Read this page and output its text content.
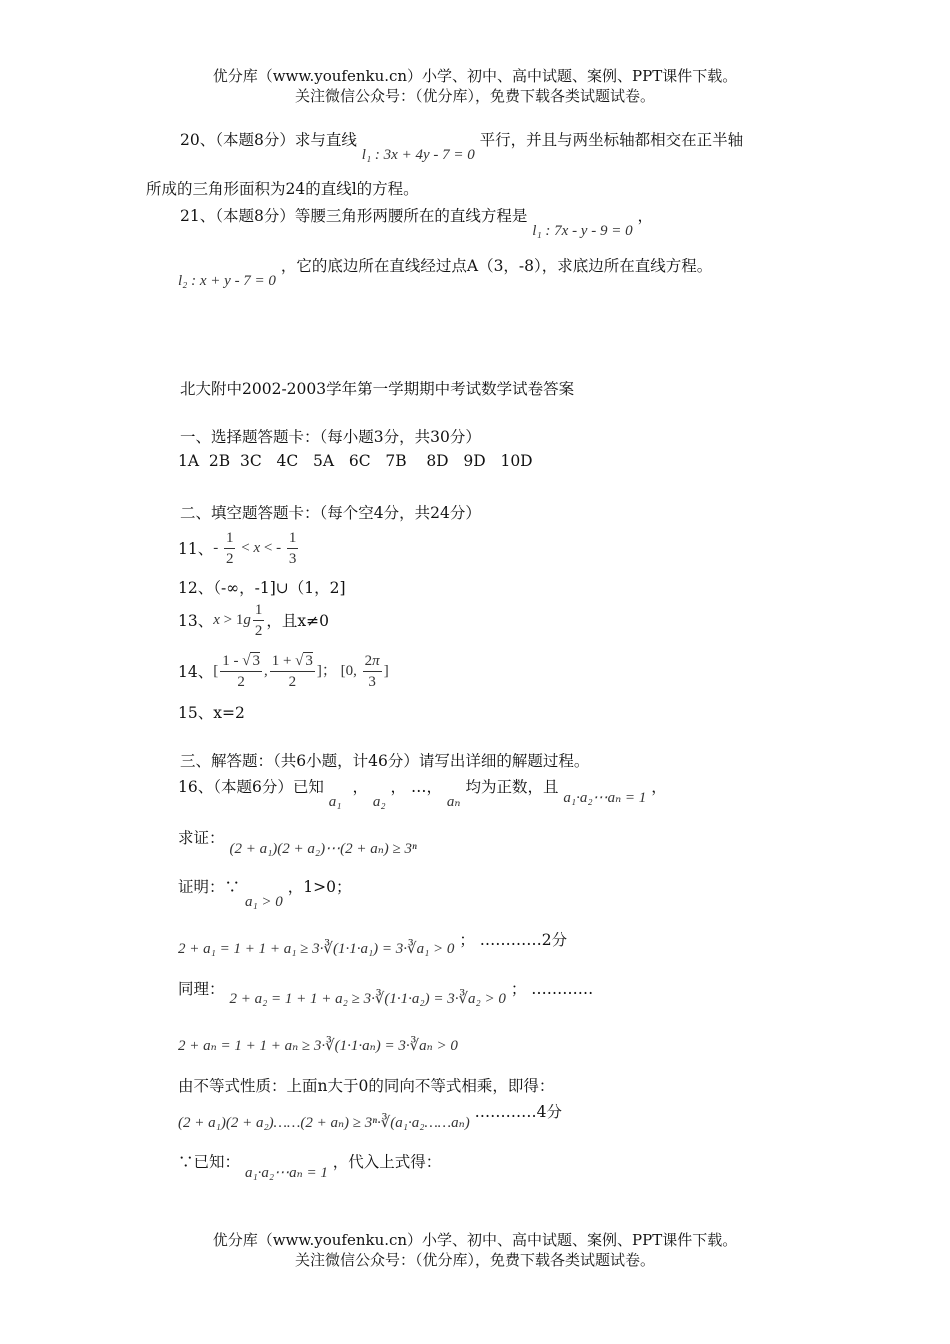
优分库（www.youfenku.cn）小学、初中、高中试题、案例、PPT课件下载。
关注微信公众号：（优分库），免费下载各类试题试卷。
20、（本题8分）求与直线 l₁ : 3x + 4y - 7 = 0 平行，并且与两坐标轴都相交在正半轴
所成的三角形面积为24的直线l的方程。
21、（本题8分）等腰三角形两腰所在的直线方程是 l₁ : 7x - y - 9 = 0 ，
l₂ : x + y - 7 = 0 ，它的底边所在直线经过点A（3，-8），求底边所在直线方程。
北大附中2002-2003学年第一学期期中考试数学试卷答案
一、选择题答题卡：（每小题3分，共30分）
1A  2B  3C   4C   5A   6C   7B    8D   9D   10D
二、填空题答题卡：（每个空4分，共24分）
11、 - $\frac{1}{2} < x$ < - $\frac{1}{3}$
12、（-∞，-1]∪（1，2]
13、 $x > 1g \frac{1}{2}$ ，且x≠0
14、 [ $\frac{1 - √ 3}{2}$ , $\frac{1 + √ 3}{2}$ ]； [0, $\frac{2\pi}{3}$ ]
15、x=2
三、解答题：（共6小题，计46分）请写出详细的解题过程。
16、（本题6分）已知 a₁ ， a₂ ， …， aₙ 均为正数，且 a₁·a₂⋯aₙ = 1 ，
求证： (2 + a₁)(2 + a₂)⋯(2 + aₙ) ≥ 3ⁿ
证明：∵ a₁ > 0 ，1>0；
2 + a₁ = 1 + 1 + a₁ ≥ 3·∛(1·1·a₁) = 3·∛a₁ > 0 ； …………2分
同理： 2 + a₂ = 1 + 1 + a₂ ≥ 3·∛(1·1·a₂) = 3·∛a₂ > 0 ； …………
2 + aₙ = 1 + 1 + aₙ ≥ 3·∛(1·1·aₙ) = 3·∛aₙ > 0
由不等式性质：上面n大于0的同向不等式相乘，即得：
(2 + a₁)(2 + a₂)……(2 + aₙ) ≥ 3ⁿ·∛(a₁·a₂……aₙ) …………4分
∵已知： a₁·a₂⋯aₙ = 1 ，代入上式得：
优分库（www.youfenku.cn）小学、初中、高中试题、案例、PPT课件下载。
关注微信公众号：（优分库），免费下载各类试题试卷。
